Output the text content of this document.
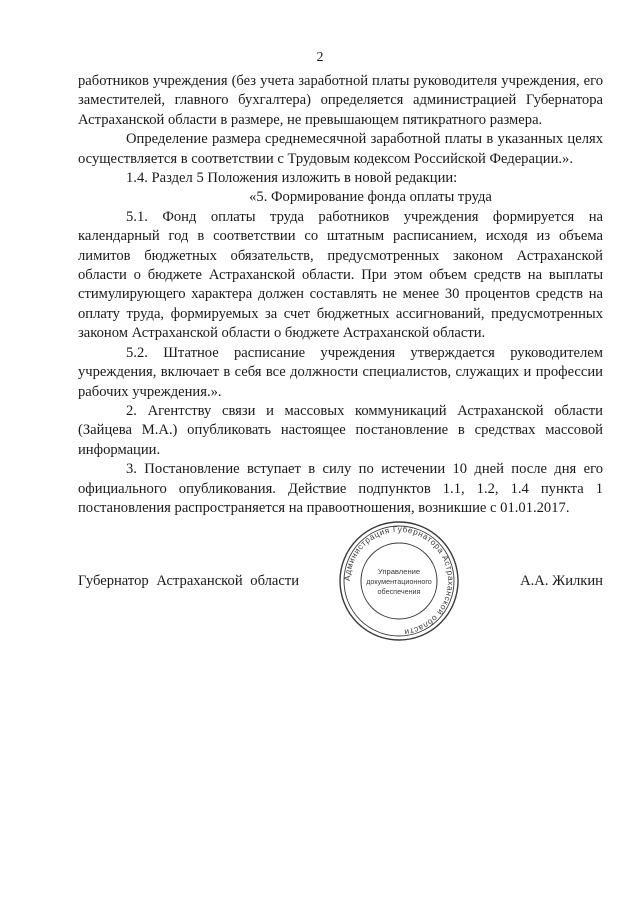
2

работников учреждения (без учета заработной платы руководителя учреждения, его заместителей, главного бухгалтера) определяется администрацией Губернатора Астраханской области в размере, не превышающем пятикратного размера.

Определение размера среднемесячной заработной платы в указанных целях осуществляется в соответствии с Трудовым кодексом Российской Федерации.».

1.4. Раздел 5 Положения изложить в новой редакции:

«5. Формирование фонда оплаты труда

5.1. Фонд оплаты труда работников учреждения формируется на календарный год в соответствии со штатным расписанием, исходя из объема лимитов бюджетных обязательств, предусмотренных законом Астраханской области о бюджете Астраханской области. При этом объем средств на выплаты стимулирующего характера должен составлять не менее 30 процентов средств на оплату труда, формируемых за счет бюджетных ассигнований, предусмотренных законом Астраханской области о бюджете Астраханской области.

5.2. Штатное расписание учреждения утверждается руководителем учреждения, включает в себя все должности специалистов, служащих и профессии рабочих учреждения.».

2. Агентству связи и массовых коммуникаций Астраханской области (Зайцева М.А.) опубликовать настоящее постановление в средствах массовой информации.

3. Постановление вступает в силу по истечении 10 дней после дня его официального опубликования. Действие подпунктов 1.1, 1.2, 1.4 пункта 1 постановления распространяется на правоотношения, возникшие с 01.01.2017.

Губернатор Астраханской области	А.А. Жилкин
Администрация Губернатора Астраханской области
Управление
документационного
обеспечения
